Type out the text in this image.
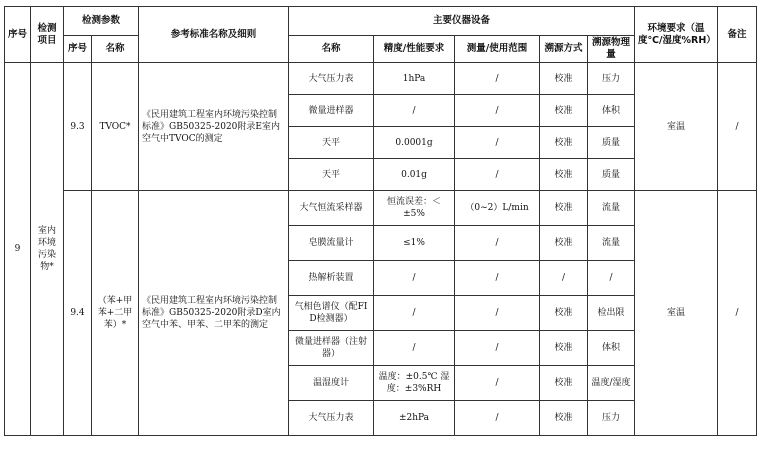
序号	检测项目	检测参数		参考标准名称及细则	主要仪器设备					环境要求（温度℃/湿度%RH）	备注
		序号	名称		名称	精度/性能要求	测量/使用范围	溯源方式	溯源物理量		
9	室内环境污染物*	9.3	TVOC*	《民用建筑工程室内环境污染控制标准》GB50325-2020附录E室内空气中TVOC的测定	大气压力表	1hPa	/	校准	压力	室温	/
					微量进样器	/	/	校准	体积		
					天平	0.0001g	/	校准	质量		
					天平	0.01g	/	校准	质量		
		9.4	（苯+甲苯+二甲苯）*	《民用建筑工程室内环境污染控制标准》GB50325-2020附录D室内空气中苯、甲苯、二甲苯的测定	大气恒流采样器	恒流误差：＜±5%	（0~2）L/min	校准	流量	室温	/
					皂膜流量计	≤1%	/	校准	流量		
					热解析装置	/	/	/	/		
					气相色谱仪（配FID检测器）	/	/	校准	检出限		
					微量进样器（注射器）	/	/	校准	体积		
					温湿度计	温度：±0.5℃ 湿度：±3%RH	/	校准	温度/湿度		
					大气压力表	±2hPa	/	校准	压力		
